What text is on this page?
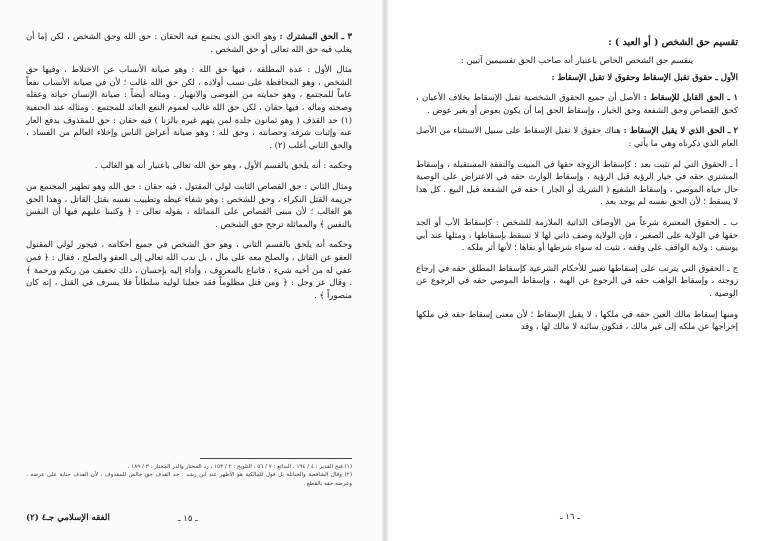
٣ ـ الحق المشترك : وهو الحق الذي يجتمع فيه الحقان : حق الله وحق الشخص ، لكن إما أن يغلب فيه حق الله تعالى أو حق الشخص .

مثال الأول : عدة المطلقة ، فيها حق الله : وهو صيانة الأنساب عن الاختلاط ، وفيها حق الشخص ، وهو المحافظة على نسب أولاده ، لكن حق الله غالب ؛ لأن في صيانة الأنساب نفعاً عاماً للمجتمع ، وهو حمايته من الفوضى والانهيار . ومثاله أيضاً : صيانة الإنسان حياته وعقله وصحته وماله ، فيها حقان ، لكن حق الله غالب لعموم النفع العائد للمجتمع . ومثاله عند الحنفية (١) حد القذف ( وهو ثمانون جلدة لمن يتهم غيره بالزنا ) فيه حقان : حق للمقذوف بدفع العار عنه وإثبات شرفه وحصانته ، وحق لله : وهو صيانة أعراض الناس وإخلاء العالم من الفساد ، والحق الثاني أغلب (٢) .

وحكمه : أنه يلحق بالقسم الأول ، وهو حق الله تعالى باعتبار أنه هو الغالب .

ومثال الثاني : حق القصاص الثابت لولي المقتول ، فيه حقان : حق الله وهو تطهير المجتمع من جريمة القتل النكراء ، وحق للشخص : وهو شفاء غيظه وتطييب نفسه بقتل القاتل ، وهذا الحق هو الغالب ؛ لأن مبنى القصاص على المماثلة ، بقوله تعالى : ﴿ وكتبنا عليهم فيها أن النفس بالنفس ﴾ والمماثلة ترجح حق الشخص .

وحكمه أنه يلحق بالقسم الثاني ، وهو حق الشخص في جميع أحكامه ، فيجوز لولي المقتول العفو عن القاتل ، والصلح معه على مال ، بل ندب الله تعالى إلى العفو والصلح ، فقال : ﴿ فمن عفي له من أخيه شيء ، فاتباع بالمعروف ، وأداء إليه بإحسان ، ذلك تخفيف من ربكم ورحمة ﴾ . وقال عز وجل : ﴿ ومن قتل مظلوماً فقد جعلنا لوليه سلطاناً فلا يسرف في القتل ، إنه كان منصوراً ﴾ .

(١) فتح القدير : ٤ / ١٩٤ ، البدائع : ٧ / ٥٦ ، التلويح : ٢ / ١٥٣ ، رد المحتار والدر المختار : ٣ / ١٨٩ .

(٢) وقال الشافعية والحنابلة بل قول للمالكية هو الأظهر عند ابن رشد : حد القذف حق خالص للمقذوف ، لأن القذف جناية على عرضه ، وعرضه حقه بالقطع .

ـ ١٥ ـ
الفقه الإسلامي جـ٤ (٢)

تقسيم حق الشخص ( أو العبد ) :

ينقسم حق الشخص الخاص باعتبار أنه صاحب الحق تقسيمين آتيين :

الأول ـ حقوق تقبل الإسقاط وحقوق لا تقبل الإسقاط :

١ ـ الحق القابل للإسقاط : الأصل أن جميع الحقوق الشخصية تقبل الإسقاط بخلاف الأعيان ، كحق القصاص وحق الشفعة وحق الخيار ، وإسقاط الحق إما أن يكون بعوض أو بغير عوض .

٢ ـ الحق الذي لا يقبل الإسقاط : هناك حقوق لا تقبل الإسقاط على سبيل الاستثناء من الأصل العام الذي ذكرناه وهي ما يأتي :

أ ـ الحقوق التي لم تثبت بعد : كإسقاط الزوجة حقها في المبيت والنفقة المستقبلة ، وإسقاط المشتري حقه في خيار الرؤية قبل الرؤية ، وإسقاط الوارث حقه في الاعتراض على الوصية حال حياة الموصي ، وإسقاط الشفيع ( الشريك أو الجار ) حقه في الشفعة قبل البيع . كل هذا لا يسقط ؛ لأن الحق نفسه لم يوجد بعد .

ب ـ الحقوق المعتبرة شرعاً من الأوصاف الذاتية الملازمة للشخص : كإسقاط الأب أو الجد حقها في الولاية على الصغير ، فإن الولاية وصف ذاتي لها لا تسقط بإسقاطها ، ومثلها عند أبي يوسف : ولاية الواقف على وقفه ، تثبت له سواء شرطها أو نفاها ؛ لأنها أثر ملكه .

ج ـ الحقوق التي يترتب على إسقاطها تغيير للأحكام الشرعية كإسقاط المطلق حقه في إرجاع زوجته ، وإسقاط الواهب حقه في الرجوع عن الهبة ، وإسقاط الموصي حقه في الرجوع عن الوصية .

ومنها إسقاط مالك العين حقه في ملكها ، لا يقبل الإسقاط ؛ لأن معنى إسقاط حقه في ملكها إخراجها عن ملكه إلى غير مالك ، فتكون سائبة لا مالك لها ، وقد

ـ ١٦ ـ
